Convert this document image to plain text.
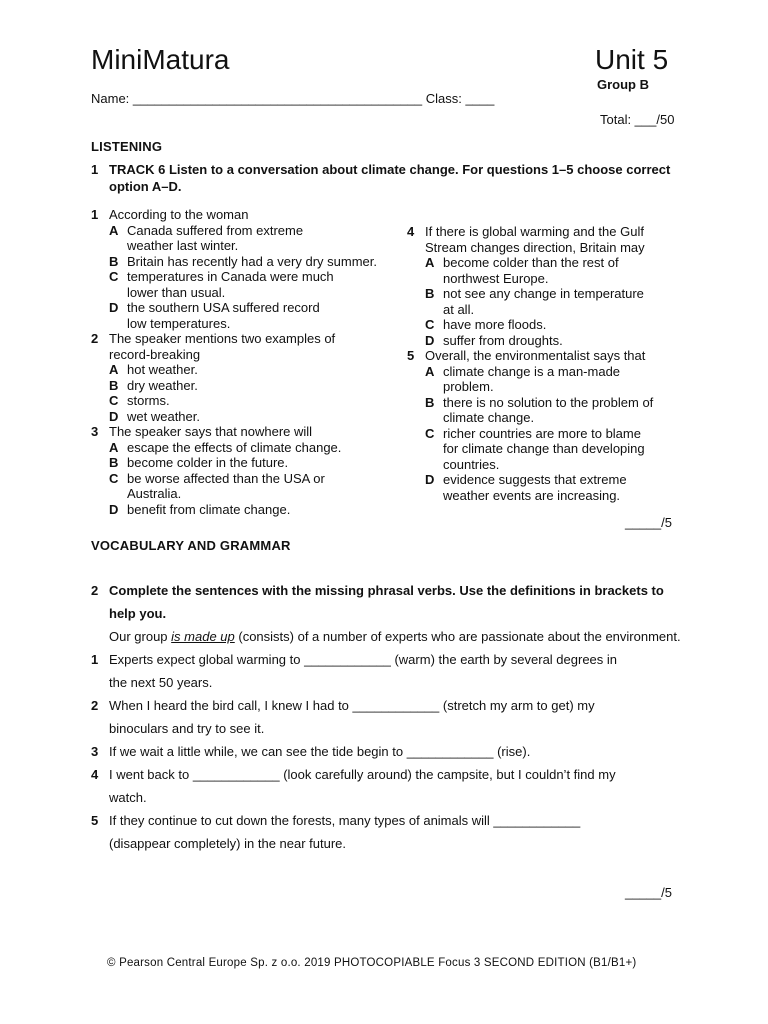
MiniMatura	Unit 5
Group B
Name: ________________________________________ Class: ____
Total: ___/50
LISTENING
1 TRACK 6 Listen to a conversation about climate change. For questions 1–5 choose correct option A–D.
1 According to the woman
A Canada suffered from extreme
weather last winter.
B Britain has recently had a very dry summer.
C temperatures in Canada were much
lower than usual.
D the southern USA suffered record
low temperatures.
2 The speaker mentions two examples of
record-breaking
A hot weather.
B dry weather.
C storms.
D wet weather.
3 The speaker says that nowhere will
A escape the effects of climate change.
B become colder in the future.
C be worse affected than the USA or
Australia.
D benefit from climate change.
4 If there is global warming and the Gulf
Stream changes direction, Britain may
A become colder than the rest of
northwest Europe.
B not see any change in temperature
at all.
C have more floods.
D suffer from droughts.
5 Overall, the environmentalist says that
A climate change is a man-made
problem.
B there is no solution to the problem of
climate change.
C richer countries are more to blame
for climate change than developing
countries.
D evidence suggests that extreme
weather events are increasing.
_____/5
VOCABULARY AND GRAMMAR
2 Complete the sentences with the missing phrasal verbs. Use the definitions in brackets to help you.
Our group is made up (consists) of a number of experts who are passionate about the environment.
1 Experts expect global warming to ____________ (warm) the earth by several degrees in
the next 50 years.
2 When I heard the bird call, I knew I had to ____________ (stretch my arm to get) my
binoculars and try to see it.
3 If we wait a little while, we can see the tide begin to ____________ (rise).
4 I went back to ____________ (look carefully around) the campsite, but I couldn’t find my
watch.
5 If they continue to cut down the forests, many types of animals will ____________
(disappear completely) in the near future.
_____/5
© Pearson Central Europe Sp. z o.o. 2019 PHOTOCOPIABLE Focus 3 SECOND EDITION (B1/B1+)
